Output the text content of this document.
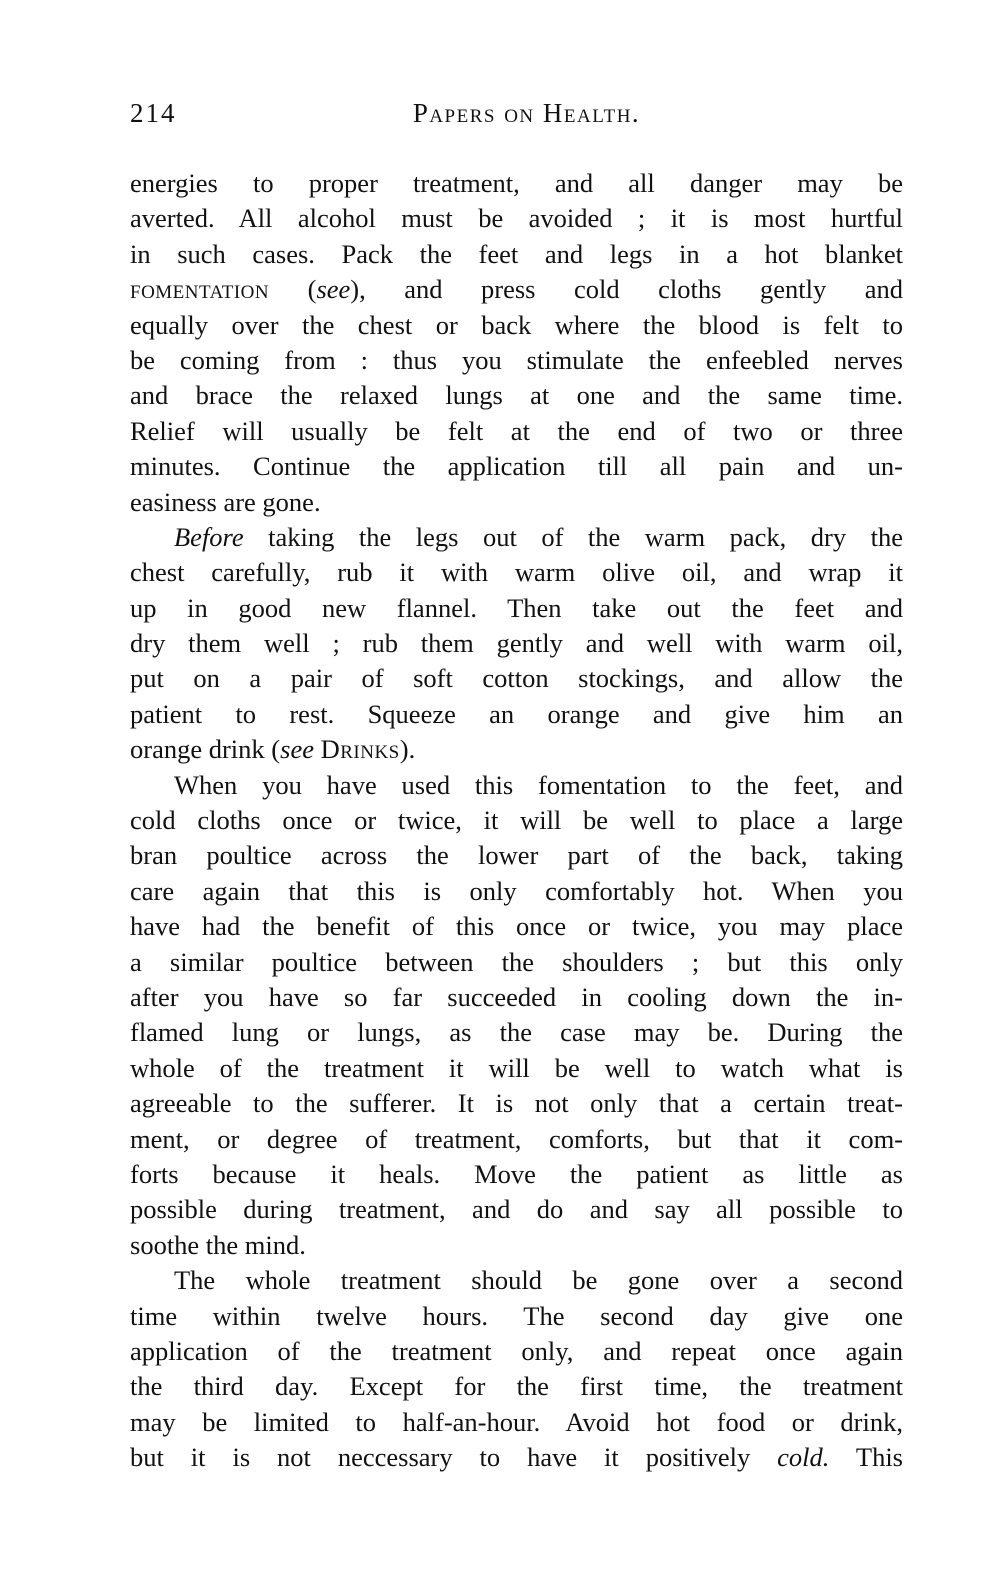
214	Papers on Health.
energies to proper treatment, and all danger may be
averted. All alcohol must be avoided ; it is most hurtful
in such cases. Pack the feet and legs in a hot blanket
fomentation (see), and press cold cloths gently and
equally over the chest or back where the blood is felt to
be coming from : thus you stimulate the enfeebled nerves
and brace the relaxed lungs at one and the same time.
Relief will usually be felt at the end of two or three
minutes. Continue the application till all pain and un-
easiness are gone.
Before taking the legs out of the warm pack, dry the
chest carefully, rub it with warm olive oil, and wrap it
up in good new flannel. Then take out the feet and
dry them well ; rub them gently and well with warm oil,
put on a pair of soft cotton stockings, and allow the
patient to rest. Squeeze an orange and give him an
orange drink (see Drinks).
When you have used this fomentation to the feet, and
cold cloths once or twice, it will be well to place a large
bran poultice across the lower part of the back, taking
care again that this is only comfortably hot. When you
have had the benefit of this once or twice, you may place
a similar poultice between the shoulders ; but this only
after you have so far succeeded in cooling down the in-
flamed lung or lungs, as the case may be. During the
whole of the treatment it will be well to watch what is
agreeable to the sufferer. It is not only that a certain treat-
ment, or degree of treatment, comforts, but that it com-
forts because it heals. Move the patient as little as
possible during treatment, and do and say all possible to
soothe the mind.
The whole treatment should be gone over a second
time within twelve hours. The second day give one
application of the treatment only, and repeat once again
the third day. Except for the first time, the treatment
may be limited to half-an-hour. Avoid hot food or drink,
but it is not neccessary to have it positively cold. This
